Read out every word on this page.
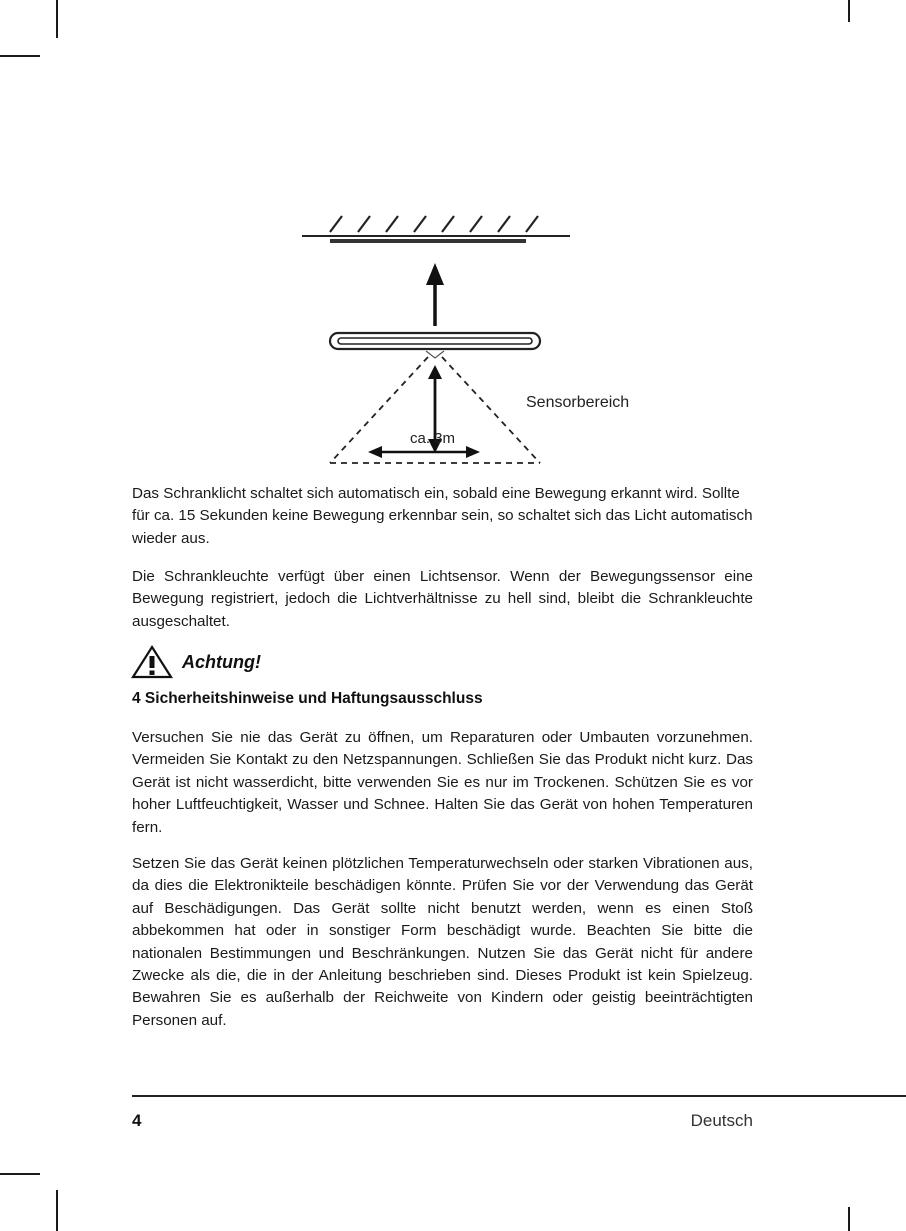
Sensorbereich
ca. 3m

Das Schranklicht schaltet sich automatisch ein, sobald eine Bewegung erkannt wird. Sollte für ca. 15 Sekunden keine Bewegung erkennbar sein, so schaltet sich das Licht automatisch wieder aus.

Die Schrankleuchte verfügt über einen Lichtsensor. Wenn der Bewegungssensor eine Bewegung registriert, jedoch die Lichtverhältnisse zu hell sind, bleibt die Schrankleuchte ausgeschaltet.

Achtung!
4 Sicherheitshinweise und Haftungsausschluss

Versuchen Sie nie das Gerät zu öffnen, um Reparaturen oder Umbauten vorzunehmen. Vermeiden Sie Kontakt zu den Netzspannungen. Schließen Sie das Produkt nicht kurz. Das Gerät ist nicht wasserdicht, bitte verwenden Sie es nur im Trockenen. Schützen Sie es vor hoher Luftfeuchtigkeit, Wasser und Schnee. Halten Sie das Gerät von hohen Temperaturen fern.

Setzen Sie das Gerät keinen plötzlichen Temperaturwechseln oder starken Vibrationen aus, da dies die Elektronikteile beschädigen könnte. Prüfen Sie vor der Verwendung das Gerät auf Beschädigungen. Das Gerät sollte nicht benutzt werden, wenn es einen Stoß abbekommen hat oder in sonstiger Form beschädigt wurde. Beachten Sie bitte die nationalen Bestimmungen und Beschränkungen. Nutzen Sie das Gerät nicht für andere Zwecke als die, die in der Anleitung beschrieben sind. Dieses Produkt ist kein Spielzeug. Bewahren Sie es außerhalb der Reichweite von Kindern oder geistig beeinträchtigten Personen auf.

4	Deutsch
